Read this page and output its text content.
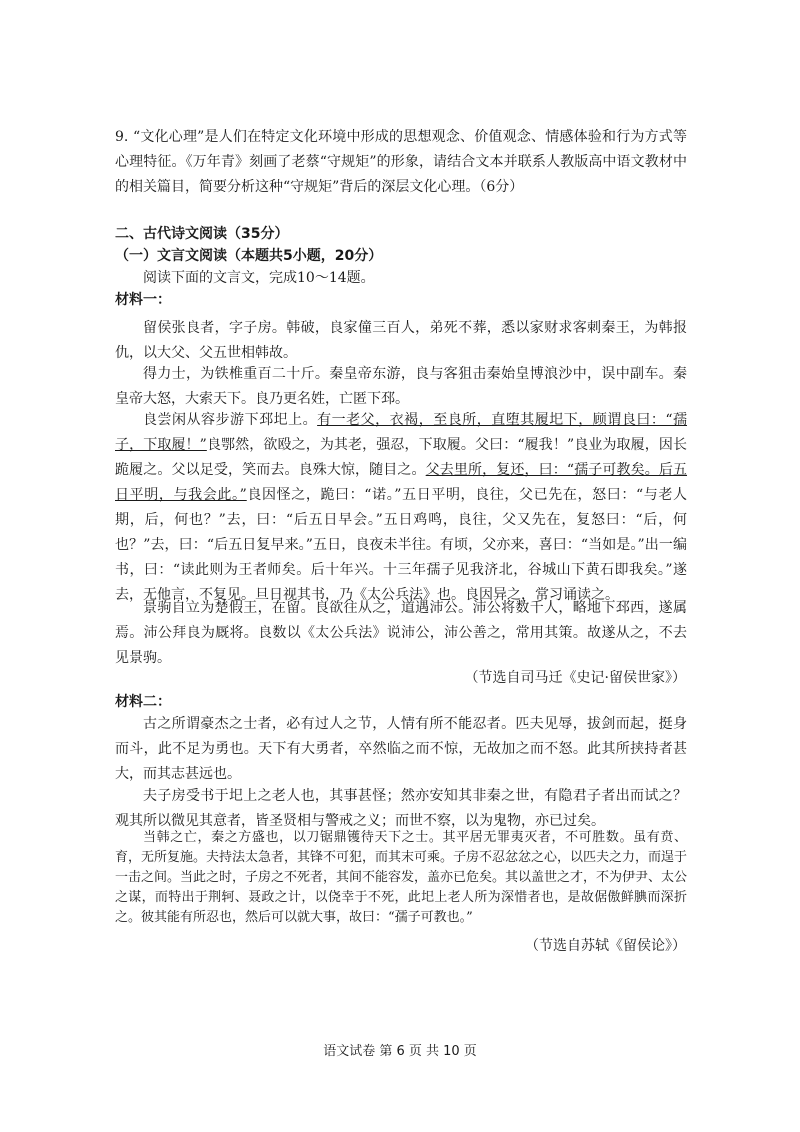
9. “文化心理”是人们在特定文化环境中形成的思想观念、价值观念、情感体验和行为方式等心理特征。《万年青》刻画了老蔡“守规矩”的形象，请结合文本并联系人教版高中语文教材中的相关篇目，简要分析这种“守规矩”背后的深层文化心理。（6分）

二、古代诗文阅读（35分）

（一）文言文阅读（本题共5小题，20分）

阅读下面的文言文，完成10～14题。

材料一：

留侯张良者，字子房。韩破，良家僮三百人，弟死不葬，悉以家财求客刺秦王，为韩报仇，以大父、父五世相韩故。

得力士，为铁椎重百二十斤。秦皇帝东游，良与客狙击秦始皇博浪沙中，误中副车。秦皇帝大怒，大索天下。良乃更名姓，亡匿下邳。

良尝闲从容步游下邳圯上。有一老父，衣褐，至良所，直堕其履圯下，顾谓良曰：“孺子，下取履！”良鄂然，欲殴之，为其老，强忍，下取履。父曰：“履我！”良业为取履，因长跪履之。父以足受，笑而去。良殊大惊，随目之。父去里所，复还，曰：“孺子可教矣。后五日平明，与我会此。”良因怪之，跪曰：“诺。”五日平明，良往，父已先在，怒曰：“与老人期，后，何也？”去，曰：“后五日早会。”五日鸡鸣，良往，父又先在，复怒曰：“后，何也？”去，曰：“后五日复早来。”五日，良夜未半往。有顷，父亦来，喜曰：“当如是。”出一编书，曰：“读此则为王者师矣。后十年兴。十三年孺子见我济北，谷城山下黄石即我矣。”遂去，无他言，不复见。旦日视其书，乃《太公兵法》也。良因异之，常习诵读之。

景驹自立为楚假王，在留。良欲往从之，道遇沛公。沛公将数千人，略地下邳西，遂属焉。沛公拜良为厩将。良数以《太公兵法》说沛公，沛公善之，常用其策。故遂从之，不去见景驹。

（节选自司马迁《史记·留侯世家》）

材料二：

古之所谓豪杰之士者，必有过人之节，人情有所不能忍者。匹夫见辱，拔剑而起，挺身而斗，此不足为勇也。天下有大勇者，卒然临之而不惊，无故加之而不怒。此其所挟持者甚大，而其志甚远也。

夫子房受书于圯上之老人也，其事甚怪；然亦安知其非秦之世，有隐君子者出而试之？观其所以微见其意者，皆圣贤相与警戒之义；而世不察，以为鬼物，亦已过矣。

当韩之亡，秦之方盛也，以刀锯鼎镬待天下之士。其平居无罪夷灭者，不可胜数。虽有贲、育，无所复施。夫持法太急者，其锋不可犯，而其末可乘。子房不忍忿忿之心，以匹夫之力，而逞于一击之间。当此之时，子房之不死者，其间不能容发，盖亦已危矣。其以盖世之才，不为伊尹、太公之谋，而特出于荆轲、聂政之计，以侥幸于不死，此圯上老人所为深惜者也，是故倨傲鲜腆而深折之。彼其能有所忍也，然后可以就大事，故曰：“孺子可教也。”

（节选自苏轼《留侯论》）

语文试卷 第 6 页 共 10 页
